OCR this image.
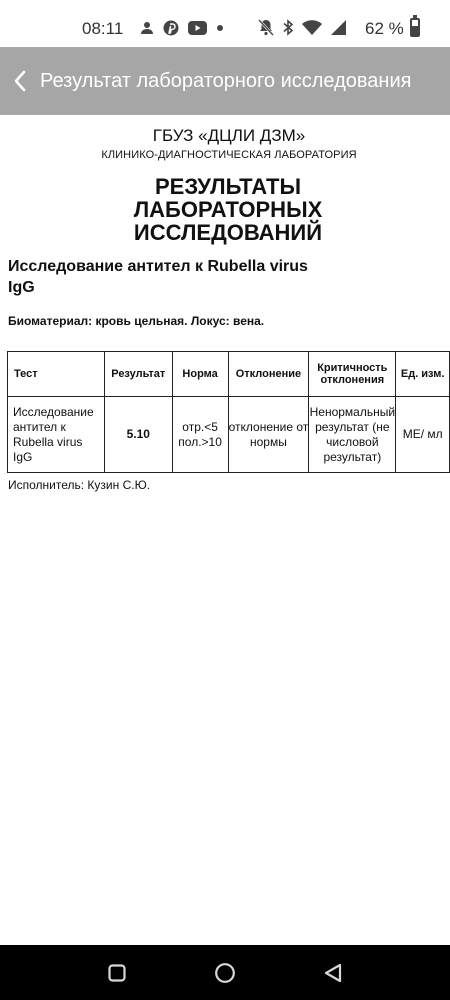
08:11	62 %
Результат лабораторного исследования
ГБУЗ «ДЦЛИ ДЗМ»
КЛИНИКО-ДИАГНОСТИЧЕСКАЯ ЛАБОРАТОРИЯ
РЕЗУЛЬТАТЫ
ЛАБОРАТОРНЫХ
ИССЛЕДОВАНИЙ
Исследование антител к Rubella virus IgG
Биоматериал: кровь цельная. Локус: вена.
Тест	Результат	Норма	Отклонение	Критичность отклонения	Ед. изм.
Исследование антител к Rubella virus IgG	5.10	отр.<5 пол.>10	отклонение от нормы	Ненормальный результат (не числовой результат)	МЕ/ мл
Исполнитель: Кузин С.Ю.
